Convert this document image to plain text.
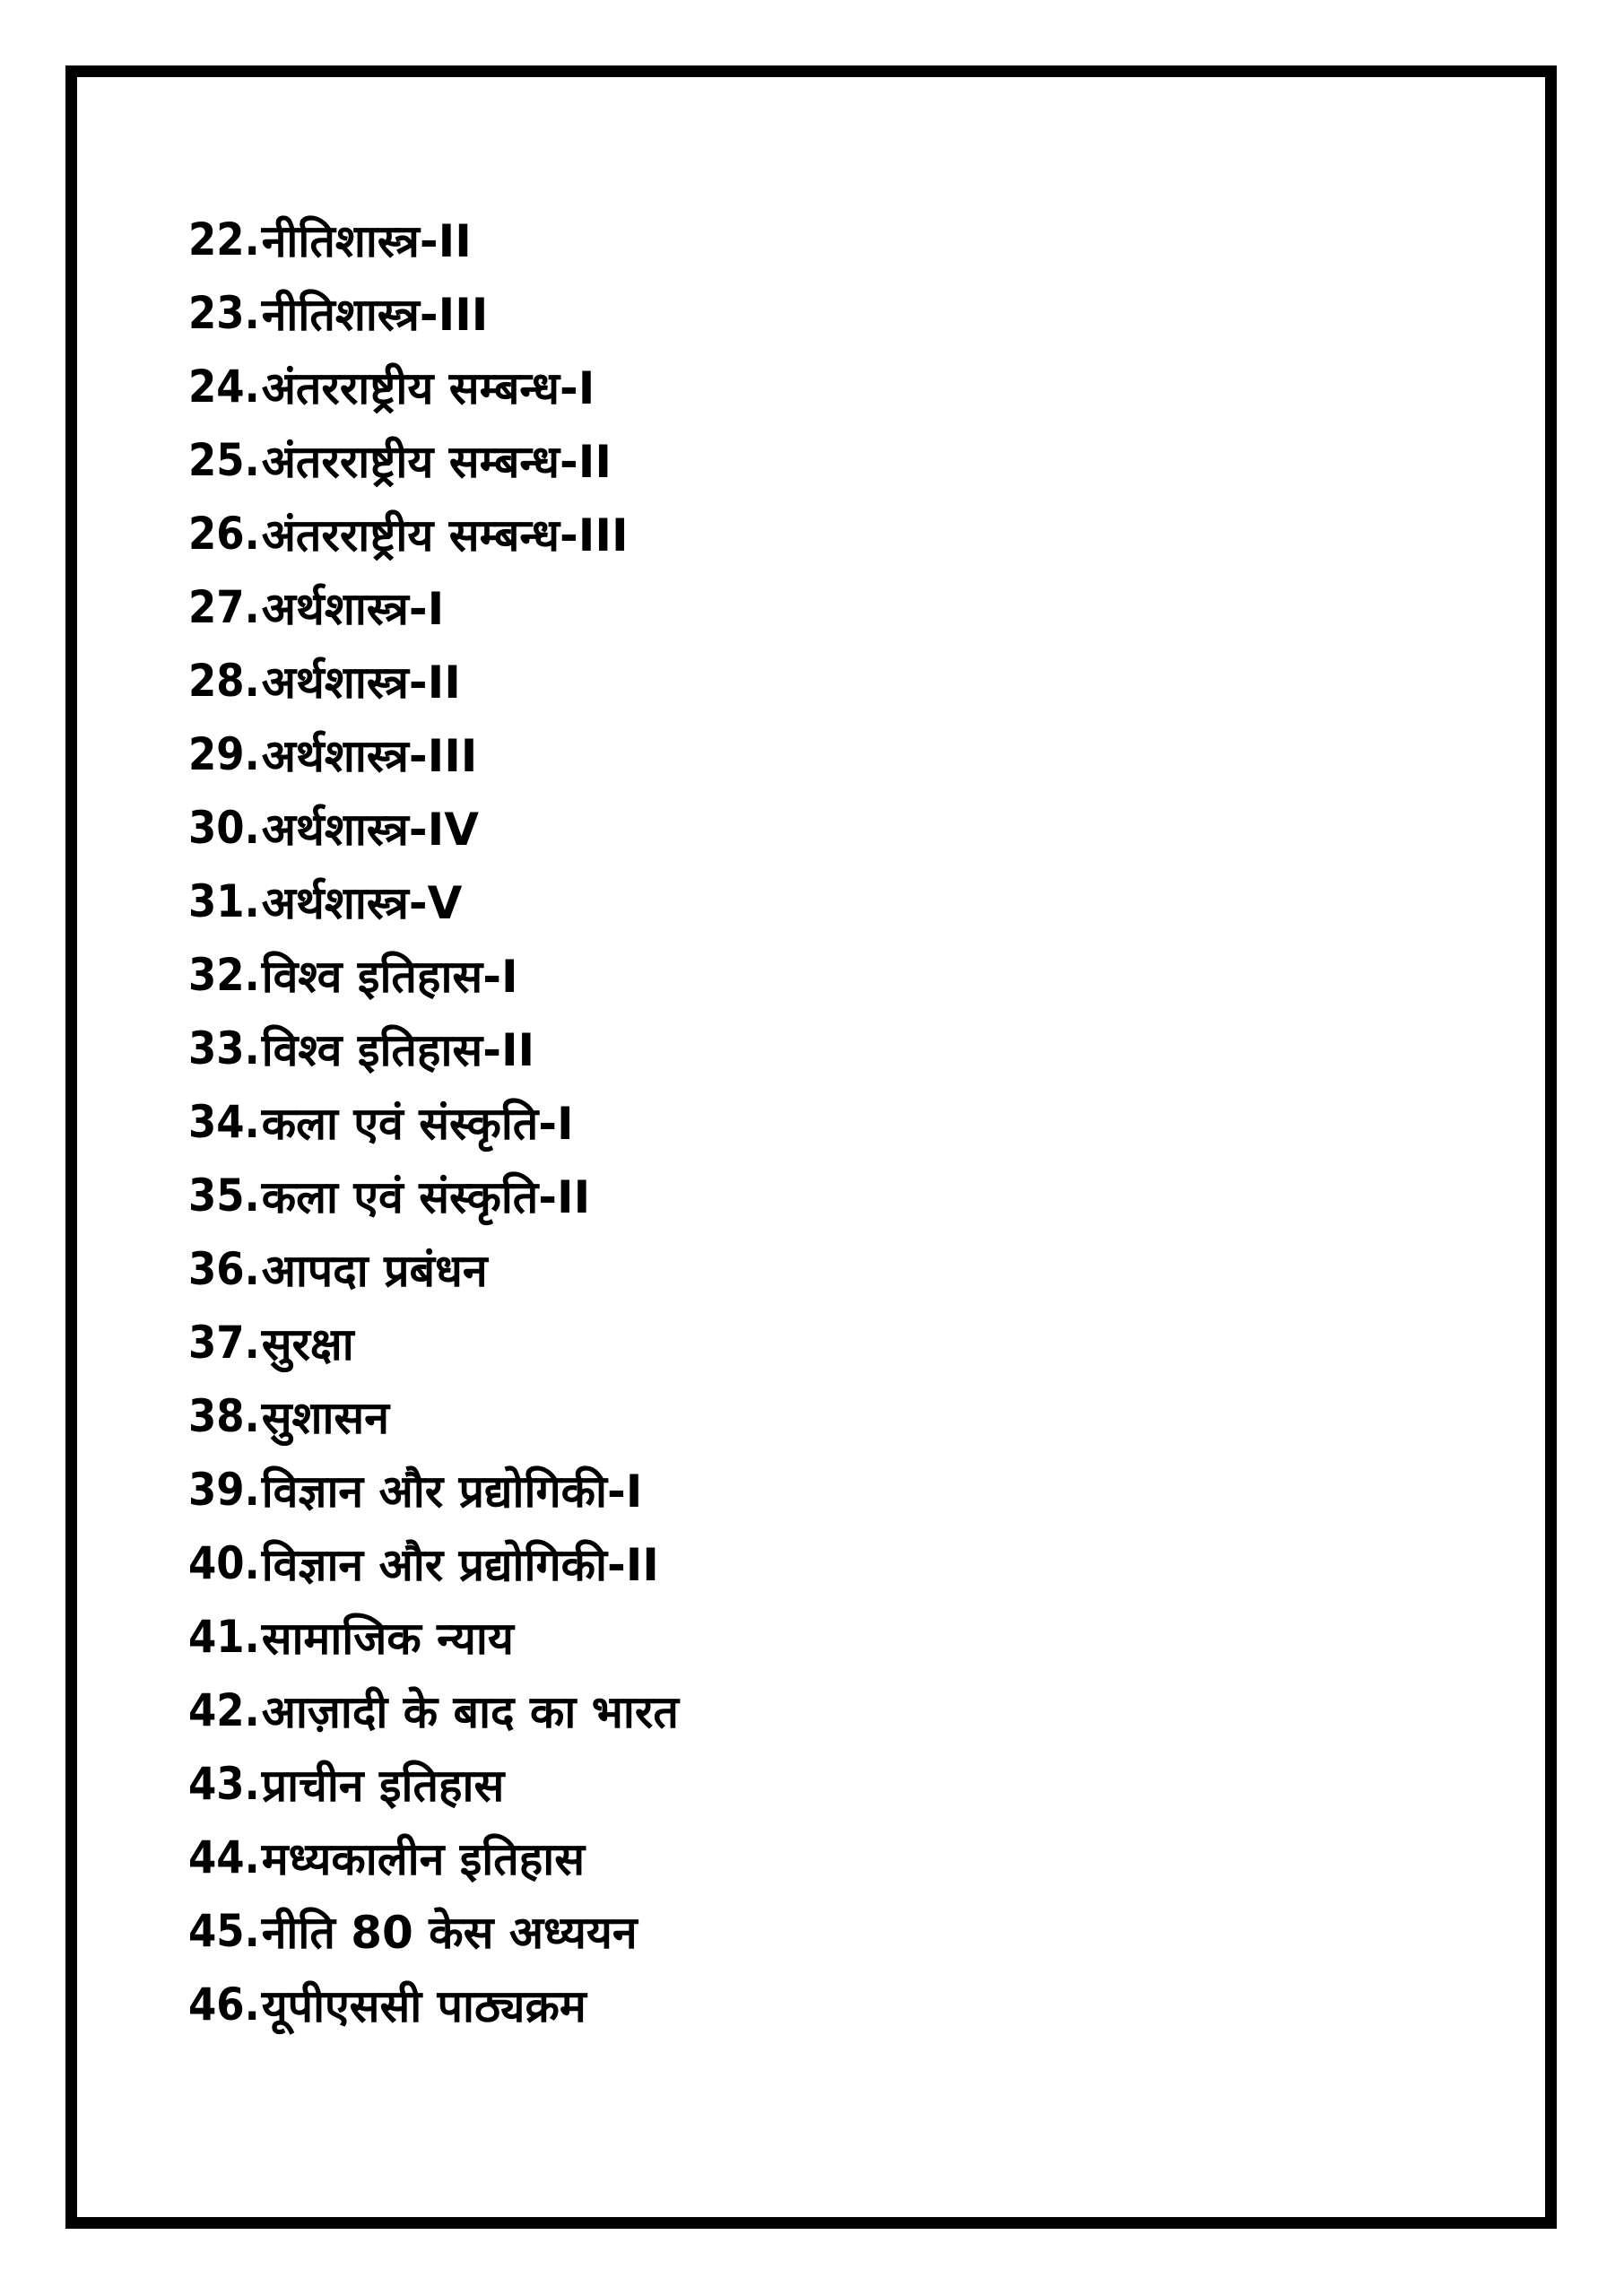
22. नीतिशास्त्र-II
23. नीतिशास्त्र-III
24. अंतरराष्ट्रीय सम्बन्ध-I
25. अंतरराष्ट्रीय सम्बन्ध-II
26. अंतरराष्ट्रीय सम्बन्ध-III
27. अर्थशास्त्र-I
28. अर्थशास्त्र-II
29. अर्थशास्त्र-III
30. अर्थशास्त्र-IV
31. अर्थशास्त्र-V
32. विश्व इतिहास-I
33. विश्व इतिहास-II
34. कला एवं संस्कृति-I
35. कला एवं संस्कृति-II
36. आपदा प्रबंधन
37. सुरक्षा
38. सुशासन
39. विज्ञान और प्रद्योगिकी-I
40. विज्ञान और प्रद्योगिकी-II
41. सामाजिक न्याय
42. आज़ादी के बाद का भारत
43. प्राचीन इतिहास
44. मध्यकालीन इतिहास
45. नीति 80 केस अध्ययन
46. यूपीएससी पाठ्यक्रम
